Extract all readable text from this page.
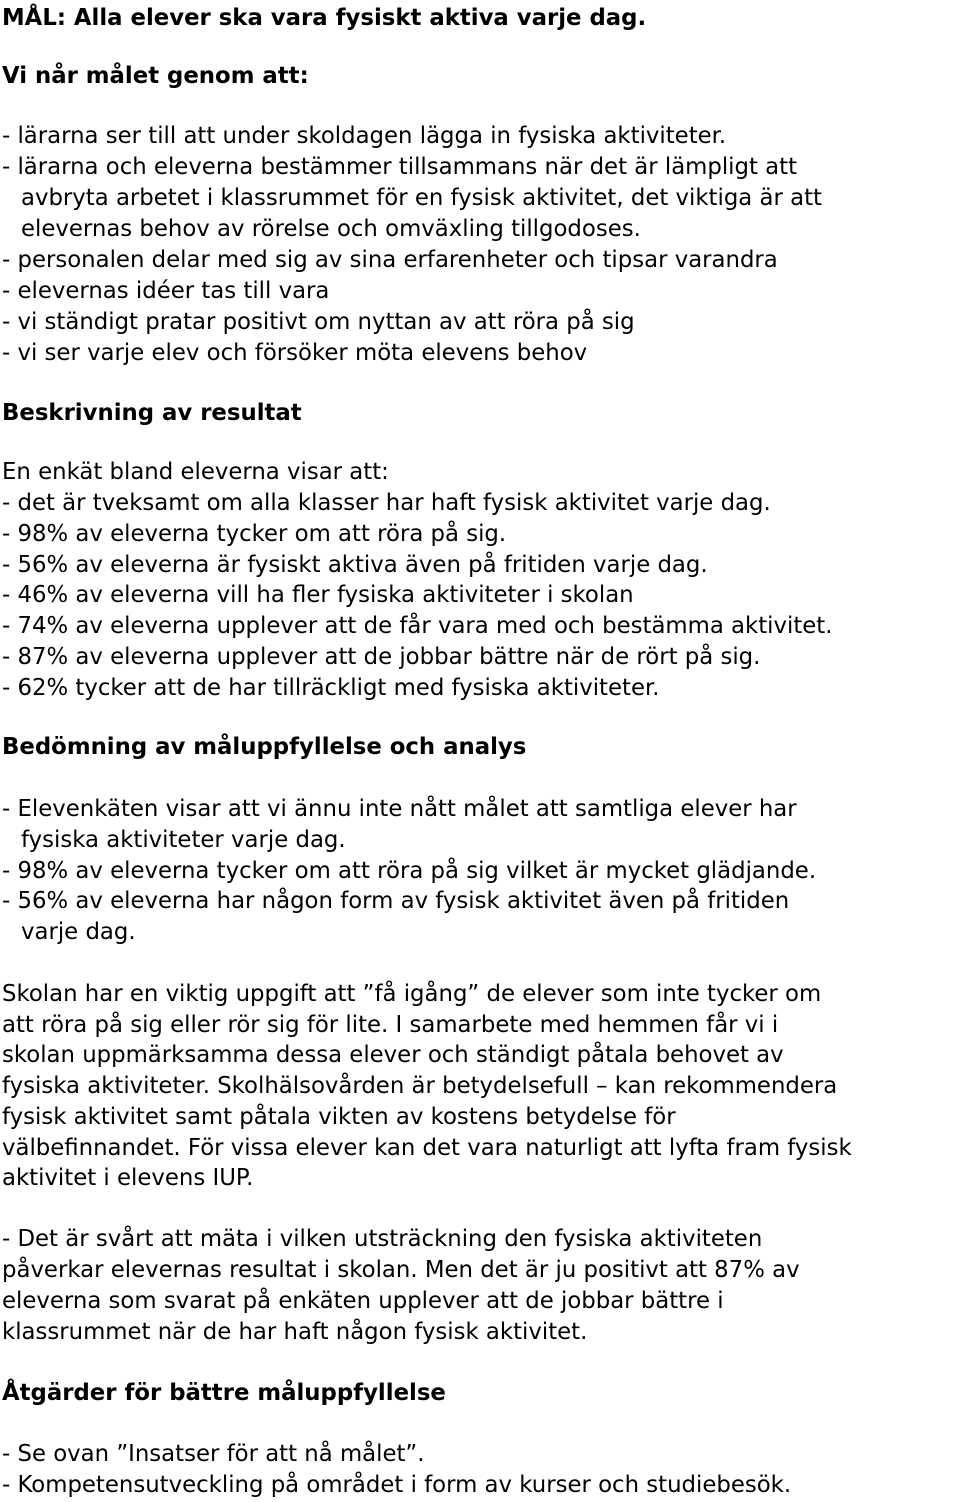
MÅL: Alla elever ska vara fysiskt aktiva varje dag.

Vi når målet genom att:

- lärarna ser till att under skoldagen lägga in fysiska aktiviteter.

- lärarna och eleverna bestämmer tillsammans när det är lämpligt att

avbryta arbetet i klassrummet för en fysisk aktivitet, det viktiga är att

elevernas behov av rörelse och omväxling tillgodoses.

- personalen delar med sig av sina erfarenheter och tipsar varandra

- elevernas idéer tas till vara

- vi ständigt pratar positivt om nyttan av att röra på sig

- vi ser varje elev och försöker möta elevens behov

Beskrivning av resultat

En enkät bland eleverna visar att:

- det är tveksamt om alla klasser har haft fysisk aktivitet varje dag.

- 98% av eleverna tycker om att röra på sig.

- 56% av eleverna är fysiskt aktiva även på fritiden varje dag.

- 46% av eleverna vill ha fler fysiska aktiviteter i skolan

- 74% av eleverna upplever att de får vara med och bestämma aktivitet.

- 87% av eleverna upplever att de jobbar bättre när de rört på sig.

- 62% tycker att de har tillräckligt med fysiska aktiviteter.

Bedömning av måluppfyllelse och analys

- Elevenkäten visar att vi ännu inte nått målet att samtliga elever har

fysiska aktiviteter varje dag.

- 98% av eleverna tycker om att röra på sig vilket är mycket glädjande.

- 56% av eleverna har någon form av fysisk aktivitet även på fritiden

varje dag.

Skolan har en viktig uppgift att ”få igång” de elever som inte tycker om

att röra på sig eller rör sig för lite. I samarbete med hemmen får vi i

skolan uppmärksamma dessa elever och ständigt påtala behovet av

fysiska aktiviteter. Skolhälsovården är betydelsefull – kan rekommendera

fysisk aktivitet samt påtala vikten av kostens betydelse för

välbefinnandet. För vissa elever kan det vara naturligt att lyfta fram fysisk

aktivitet i elevens IUP.

- Det är svårt att mäta i vilken utsträckning den fysiska aktiviteten

påverkar elevernas resultat i skolan. Men det är ju positivt att 87% av

eleverna som svarat på enkäten upplever att de jobbar bättre i

klassrummet när de har haft någon fysisk aktivitet.

Åtgärder för bättre måluppfyllelse

- Se ovan ”Insatser för att nå målet”.

- Kompetensutveckling på området i form av kurser och studiebesök.
